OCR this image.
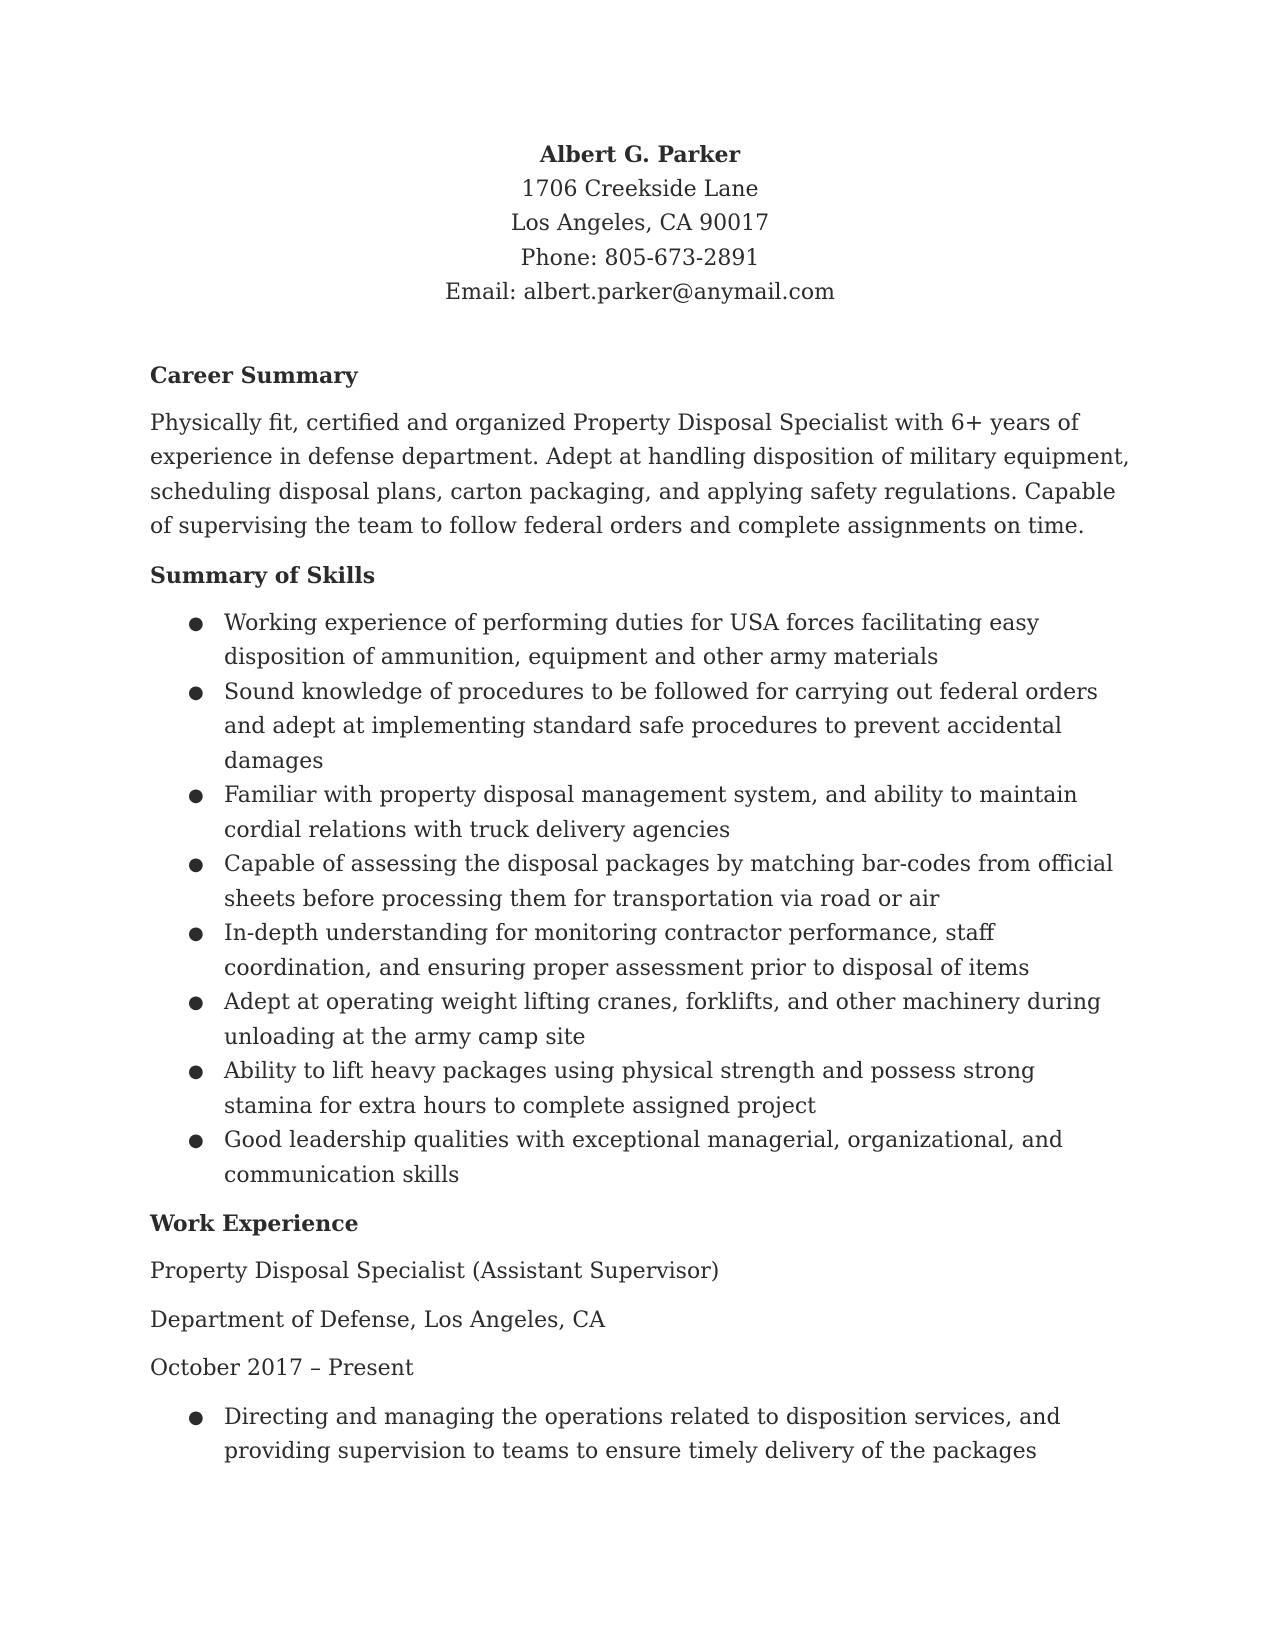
Albert G. Parker
1706 Creekside Lane
Los Angeles, CA 90017
Phone: 805-673-2891
Email: albert.parker@anymail.com
Career Summary

Physically fit, certified and organized Property Disposal Specialist with 6+ years of experience in defense department. Adept at handling disposition of military equipment, scheduling disposal plans, carton packaging, and applying safety regulations. Capable of supervising the team to follow federal orders and complete assignments on time.

Summary of Skills
● Working experience of performing duties for USA forces facilitating easy disposition of ammunition, equipment and other army materials
● Sound knowledge of procedures to be followed for carrying out federal orders and adept at implementing standard safe procedures to prevent accidental damages
● Familiar with property disposal management system, and ability to maintain cordial relations with truck delivery agencies
● Capable of assessing the disposal packages by matching bar-codes from official sheets before processing them for transportation via road or air
● In-depth understanding for monitoring contractor performance, staff coordination, and ensuring proper assessment prior to disposal of items
● Adept at operating weight lifting cranes, forklifts, and other machinery during unloading at the army camp site
● Ability to lift heavy packages using physical strength and possess strong stamina for extra hours to complete assigned project
● Good leadership qualities with exceptional managerial, organizational, and communication skills
Work Experience

Property Disposal Specialist (Assistant Supervisor)

Department of Defense, Los Angeles, CA

October 2017 – Present

● Directing and managing the operations related to disposition services, and providing supervision to teams to ensure timely delivery of the packages
